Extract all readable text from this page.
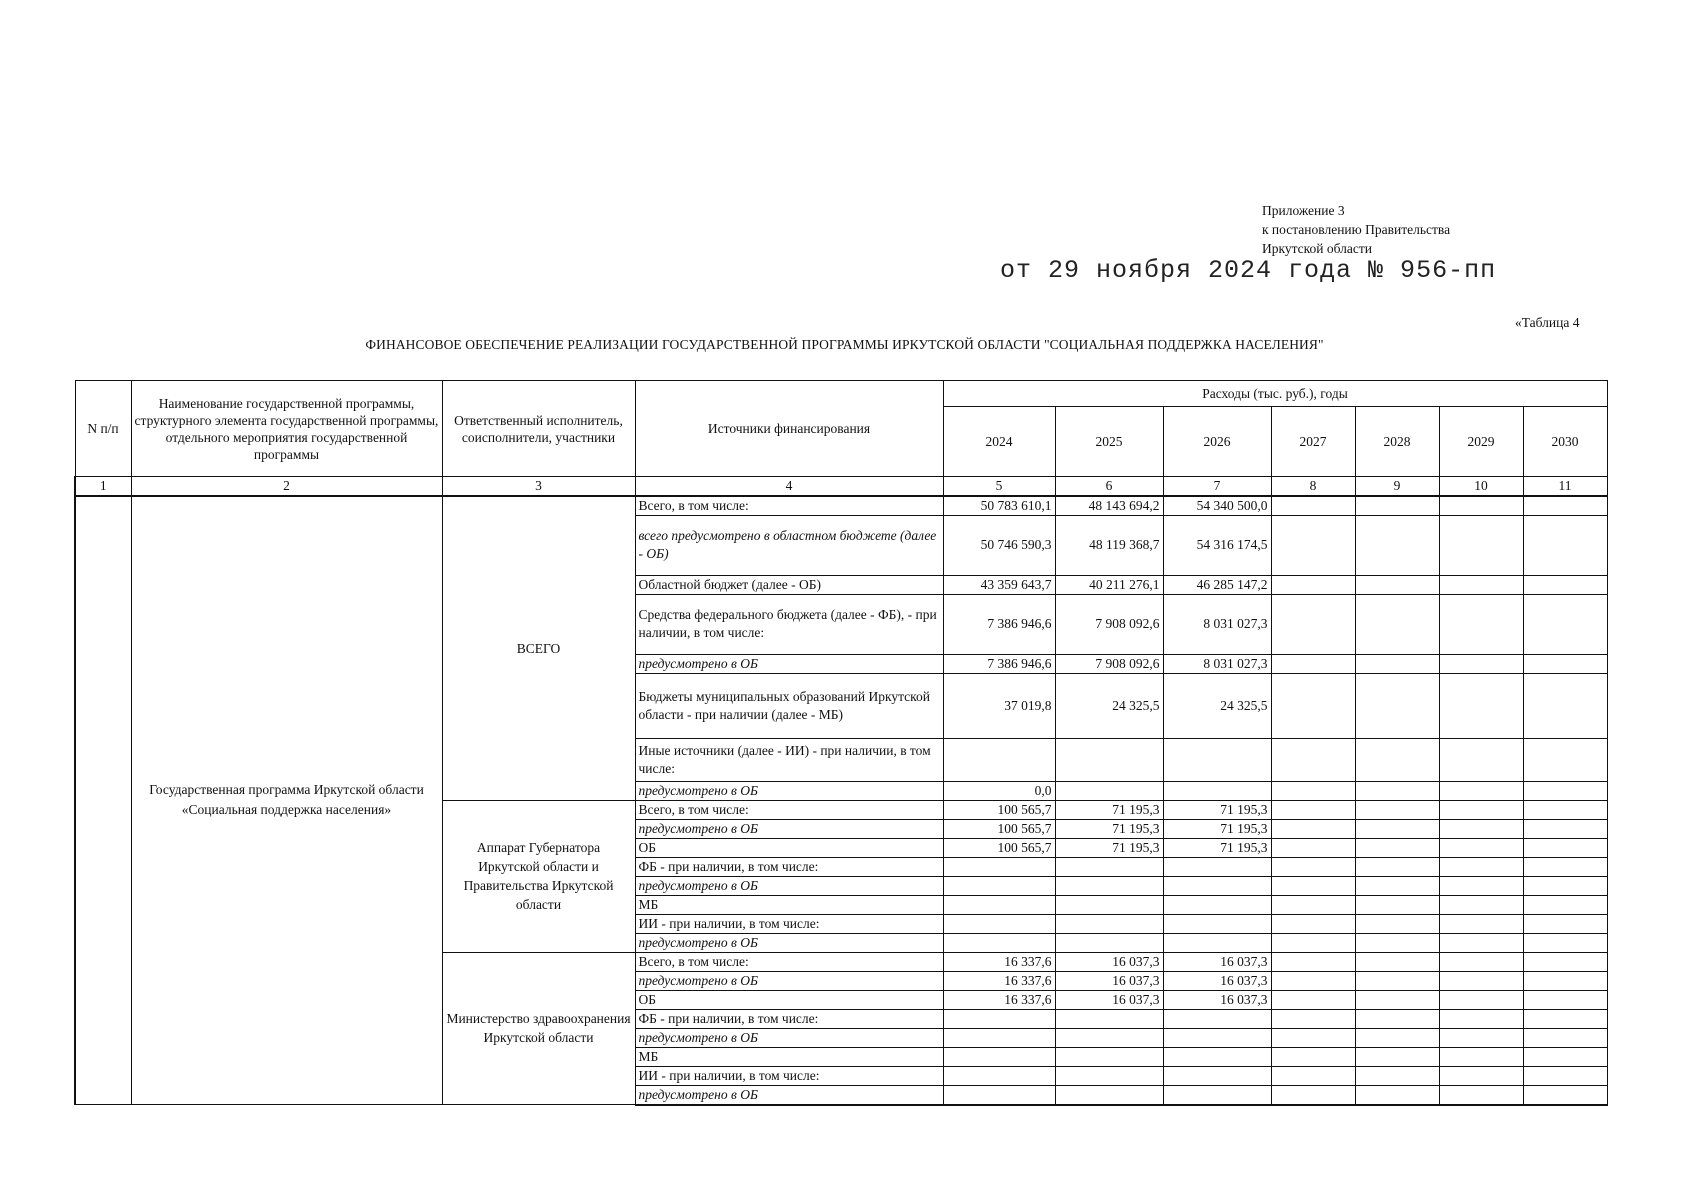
Приложение 3
к постановлению Правительства
Иркутской области
от 29 ноября 2024 года № 956-пп
«Таблица 4
ФИНАНСОВОЕ ОБЕСПЕЧЕНИЕ РЕАЛИЗАЦИИ ГОСУДАРСТВЕННОЙ ПРОГРАММЫ ИРКУТСКОЙ ОБЛАСТИ "СОЦИАЛЬНАЯ ПОДДЕРЖКА НАСЕЛЕНИЯ"
N п/п	Наименование государственной программы, структурного элемента государственной программы, отдельного мероприятия государственной программы	Ответственный исполнитель, соисполнители, участники	Источники финансирования	Расходы (тыс. руб.), годы						
				2024	2025	2026	2027	2028	2029	2030
1	2	3	4	5	6	7	8	9	10	11
	Государственная программа Иркутской области «Социальная поддержка населения»	ВСЕГО	Всего, в том числе:	50 783 610,1	48 143 694,2	54 340 500,0				
			всего предусмотрено в областном бюджете (далее - ОБ)	50 746 590,3	48 119 368,7	54 316 174,5				
			Областной бюджет (далее - ОБ)	43 359 643,7	40 211 276,1	46 285 147,2				
			Средства федерального бюджета (далее - ФБ), - при наличии, в том числе:	7 386 946,6	7 908 092,6	8 031 027,3				
			предусмотрено в ОБ	7 386 946,6	7 908 092,6	8 031 027,3				
			Бюджеты муниципальных образований Иркутской области - при наличии (далее - МБ)	37 019,8	24 325,5	24 325,5				
			Иные источники (далее - ИИ) - при наличии, в том числе:							
			предусмотрено в ОБ	0,0						
		Аппарат Губернатора Иркутской области и Правительства Иркутской области	Всего, в том числе:	100 565,7	71 195,3	71 195,3				
			предусмотрено в ОБ	100 565,7	71 195,3	71 195,3				
			ОБ	100 565,7	71 195,3	71 195,3				
			ФБ - при наличии, в том числе:							
			предусмотрено в ОБ							
			МБ							
			ИИ - при наличии, в том числе:							
			предусмотрено в ОБ							
		Министерство здравоохранения Иркутской области	Всего, в том числе:	16 337,6	16 037,3	16 037,3				
			предусмотрено в ОБ	16 337,6	16 037,3	16 037,3				
			ОБ	16 337,6	16 037,3	16 037,3				
			ФБ - при наличии, в том числе:							
			предусмотрено в ОБ							
			МБ							
			ИИ - при наличии, в том числе:							
			предусмотрено в ОБ							
